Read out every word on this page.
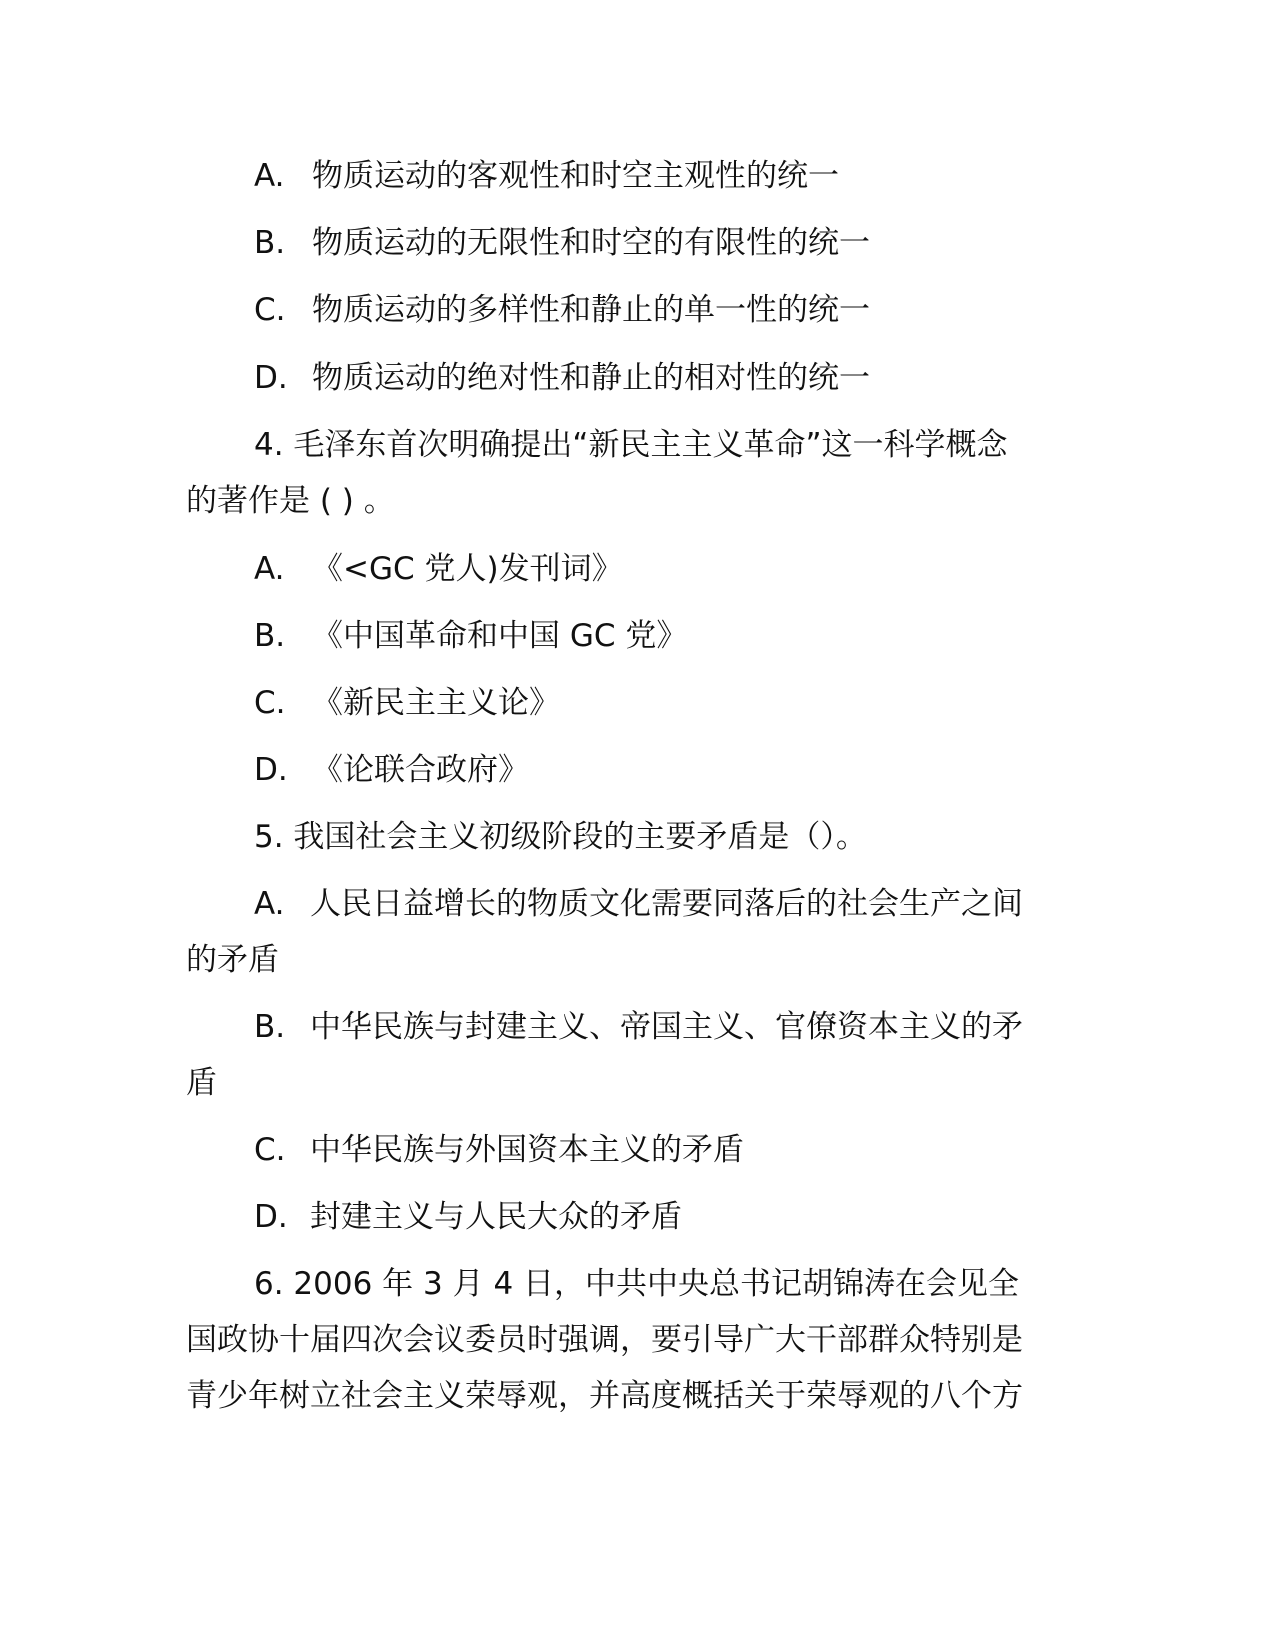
A. 物质运动的客观性和时空主观性的统一
B. 物质运动的无限性和时空的有限性的统一
C. 物质运动的多样性和静止的单一性的统一
D. 物质运动的绝对性和静止的相对性的统一
4. 毛泽东首次明确提出“新民主主义革命”这一科学概念
的著作是 ( ) 。
A. 《<GC 党人)发刊词》
B. 《中国革命和中国 GC 党》
C. 《新民主主义论》
D. 《论联合政府》
5. 我国社会主义初级阶段的主要矛盾是（）。
A. 人民日益增长的物质文化需要同落后的社会生产之间
的矛盾
B. 中华民族与封建主义、帝国主义、官僚资本主义的矛
盾
C. 中华民族与外国资本主义的矛盾
D. 封建主义与人民大众的矛盾
6. 2006 年 3 月 4 日，中共中央总书记胡锦涛在会见全
国政协十届四次会议委员时强调，要引导广大干部群众特别是
青少年树立社会主义荣辱观，并高度概括关于荣辱观的八个方
